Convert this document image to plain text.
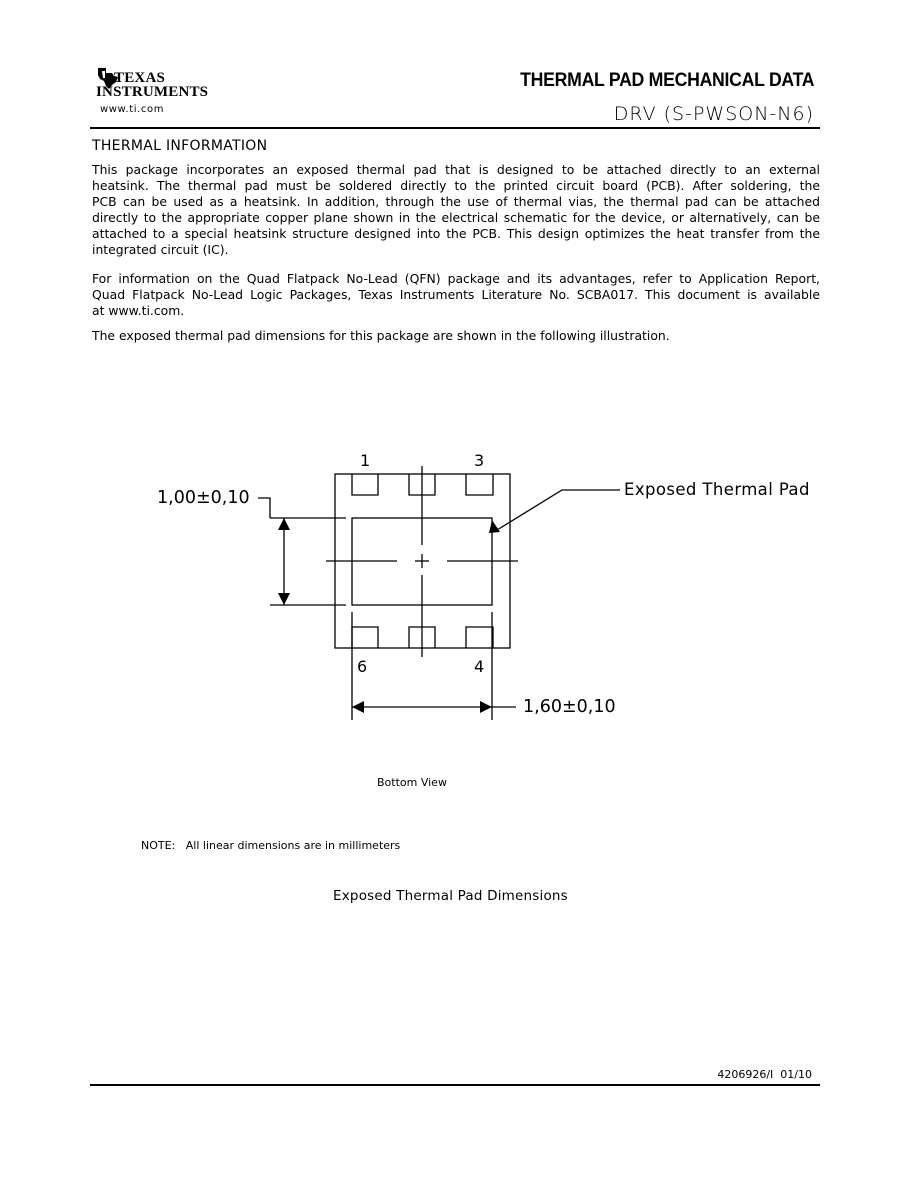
TEXAS
INSTRUMENTS
www.ti.com
THERMAL PAD MECHANICAL DATA
DRV (S-PWSON-N6)
THERMAL INFORMATION

This package incorporates an exposed thermal pad that is designed to be attached directly to an external
heatsink. The thermal pad must be soldered directly to the printed circuit board (PCB). After soldering, the
PCB can be used as a heatsink. In addition, through the use of thermal vias, the thermal pad can be attached
directly to the appropriate copper plane shown in the electrical schematic for the device, or alternatively, can be
attached to a special heatsink structure designed into the PCB. This design optimizes the heat transfer from the
integrated circuit (IC).

For information on the Quad Flatpack No-Lead (QFN) package and its advantages, refer to Application Report,
Quad Flatpack No-Lead Logic Packages, Texas Instruments Literature No. SCBA017. This document is available
at www.ti.com.

The exposed thermal pad dimensions for this package are shown in the following illustration.

1	3
6	4
Exposed Thermal Pad
1,00±0,10
1,60±0,10
Bottom View
NOTE:   All linear dimensions are in millimeters
Exposed Thermal Pad Dimensions
4206926/I  01/10
